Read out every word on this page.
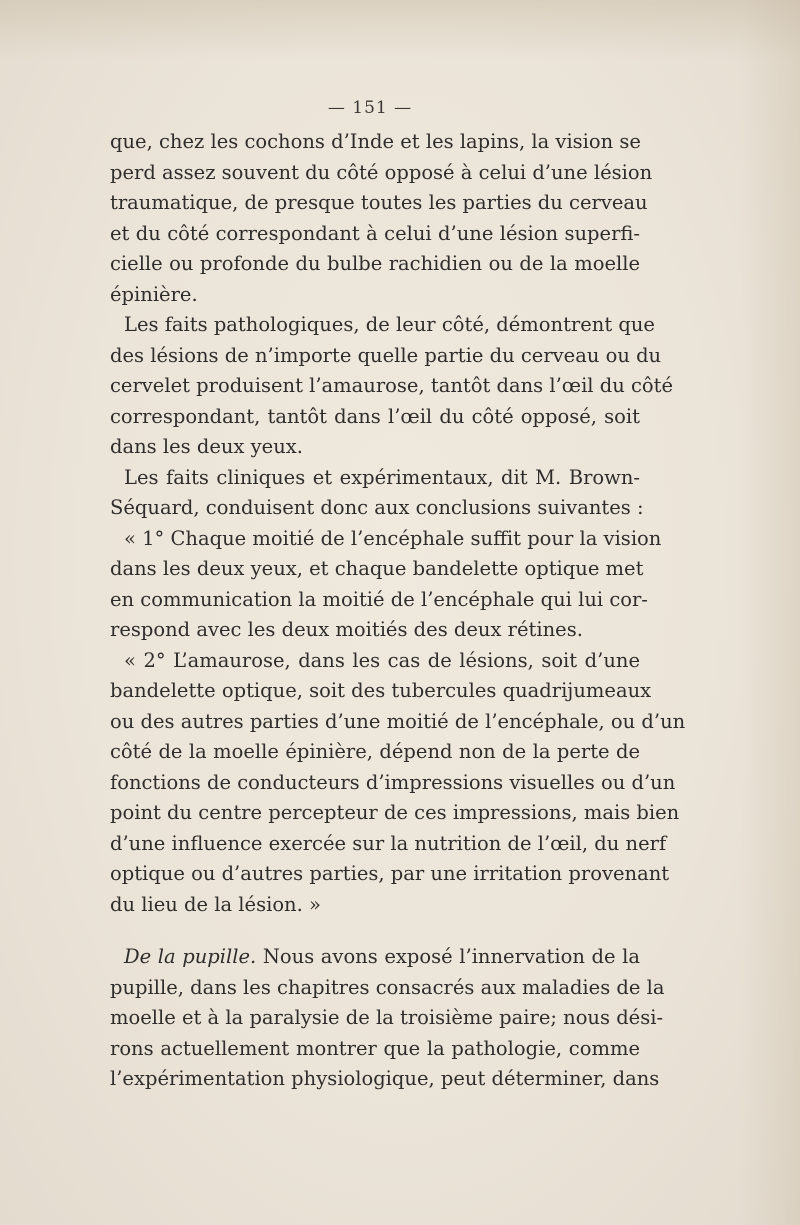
— 151 —
que, chez les cochons d’Inde et les lapins, la vision se
perd assez souvent du côté opposé à celui d’une lésion
traumatique, de presque toutes les parties du cerveau
et du côté correspondant à celui d’une lésion superfi-
cielle ou profonde du bulbe rachidien ou de la moelle
épinière.
Les faits pathologiques, de leur côté, démontrent que
des lésions de n’importe quelle partie du cerveau ou du
cervelet produisent l’amaurose, tantôt dans l’œil du côté
correspondant, tantôt dans l’œil du côté opposé, soit
dans les deux yeux.
Les faits cliniques et expérimentaux, dit M. Brown-
Séquard, conduisent donc aux conclusions suivantes :
« 1° Chaque moitié de l’encéphale suffit pour la vision
dans les deux yeux, et chaque bandelette optique met
en communication la moitié de l’encéphale qui lui cor-
respond avec les deux moitiés des deux rétines.
« 2° L’amaurose, dans les cas de lésions, soit d’une
bandelette optique, soit des tubercules quadrijumeaux
ou des autres parties d’une moitié de l’encéphale, ou d’un
côté de la moelle épinière, dépend non de la perte de
fonctions de conducteurs d’impressions visuelles ou d’un
point du centre percepteur de ces impressions, mais bien
d’une influence exercée sur la nutrition de l’œil, du nerf
optique ou d’autres parties, par une irritation provenant
du lieu de la lésion. »
De la pupille. Nous avons exposé l’innervation de la
pupille, dans les chapitres consacrés aux maladies de la
moelle et à la paralysie de la troisième paire; nous dési-
rons actuellement montrer que la pathologie, comme
l’expérimentation physiologique, peut déterminer, dans
